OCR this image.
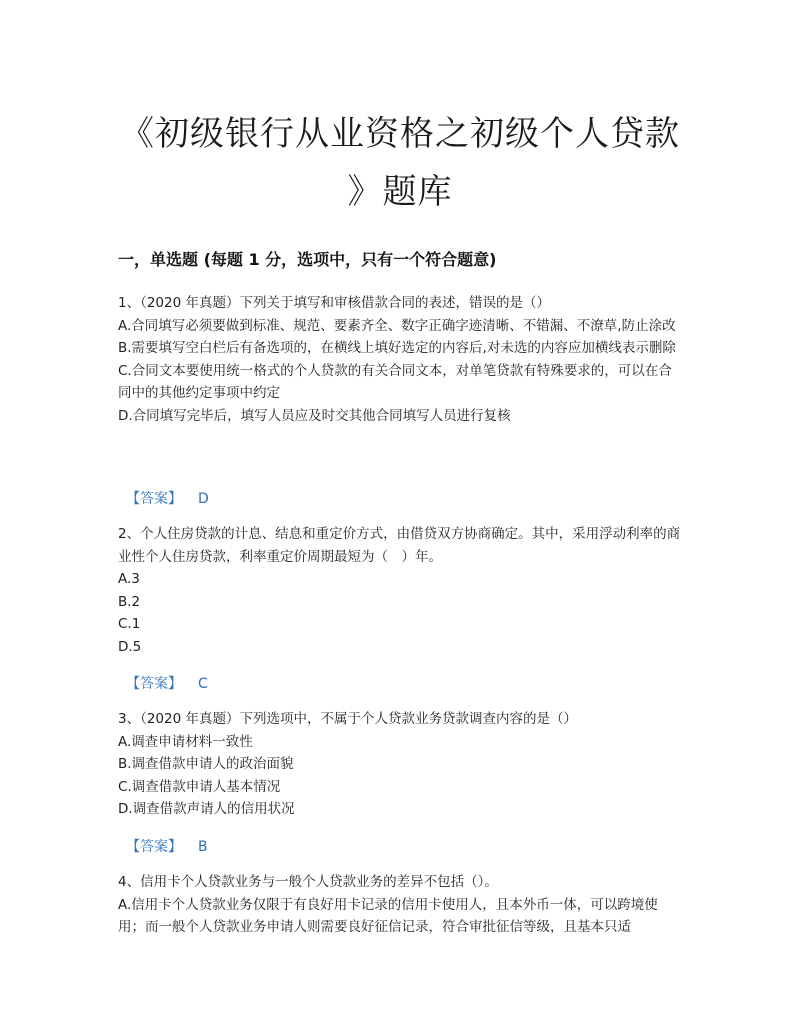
《初级银行从业资格之初级个人贷款
》题库
一，单选题 (每题 1 分，选项中，只有一个符合题意)

1、（2020 年真题）下列关于填写和审核借款合同的表述，错误的是（）

A.合同填写必须要做到标准、规范、要素齐全、数字正确字迹清晰、不错漏、不潦草,防止涂改

B.需要填写空白栏后有备选项的，在横线上填好选定的内容后,对未选的内容应加横线表示删除

C.合同文本要使用统一格式的个人贷款的有关合同文本，对单笔贷款有特殊要求的，可以在合同中的其他约定事项中约定

D.合同填写完毕后，填写人员应及时交其他合同填写人员进行复核

【答案】 D

2、个人住房贷款的计息、结息和重定价方式，由借贷双方协商确定。其中，采用浮动利率的商业性个人住房贷款，利率重定价周期最短为（　）年。

A.3

B.2

C.1

D.5

【答案】 C

3、（2020 年真题）下列选项中，不属于个人贷款业务贷款调查内容的是（）

A.调查申请材料一致性

B.调查借款申请人的政治面貌

C.调查借款申请人基本情况

D.调查借款声请人的信用状况

【答案】 B

4、信用卡个人贷款业务与一般个人贷款业务的差异不包括（）。

A.信用卡个人贷款业务仅限于有良好用卡记录的信用卡使用人，且本外币一体，可以跨境使用；而一般个人贷款业务申请人则需要良好征信记录，符合审批征信等级，且基本只适
